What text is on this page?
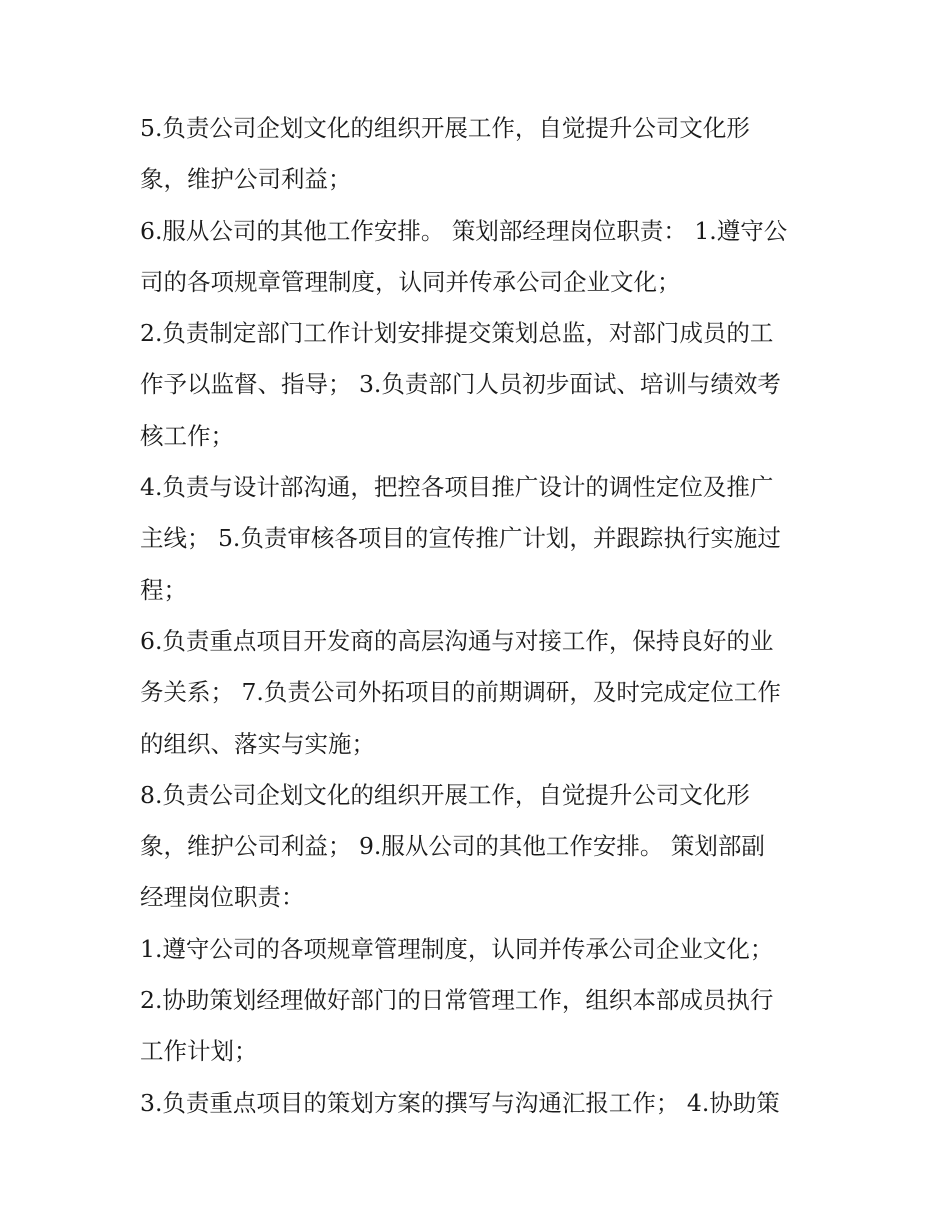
5.负责公司企划文化的组织开展工作，自觉提升公司文化形
象，维护公司利益；
6.服从公司的其他工作安排。 策划部经理岗位职责： 1.遵守公
司的各项规章管理制度，认同并传承公司企业文化；
2.负责制定部门工作计划安排提交策划总监，对部门成员的工
作予以监督、指导； 3.负责部门人员初步面试、培训与绩效考
核工作；
4.负责与设计部沟通，把控各项目推广设计的调性定位及推广
主线； 5.负责审核各项目的宣传推广计划，并跟踪执行实施过
程；
6.负责重点项目开发商的高层沟通与对接工作，保持良好的业
务关系； 7.负责公司外拓项目的前期调研，及时完成定位工作
的组织、落实与实施；
8.负责公司企划文化的组织开展工作，自觉提升公司文化形
象，维护公司利益； 9.服从公司的其他工作安排。 策划部副
经理岗位职责：
1.遵守公司的各项规章管理制度，认同并传承公司企业文化；
2.协助策划经理做好部门的日常管理工作，组织本部成员执行
工作计划；
3.负责重点项目的策划方案的撰写与沟通汇报工作； 4.协助策
